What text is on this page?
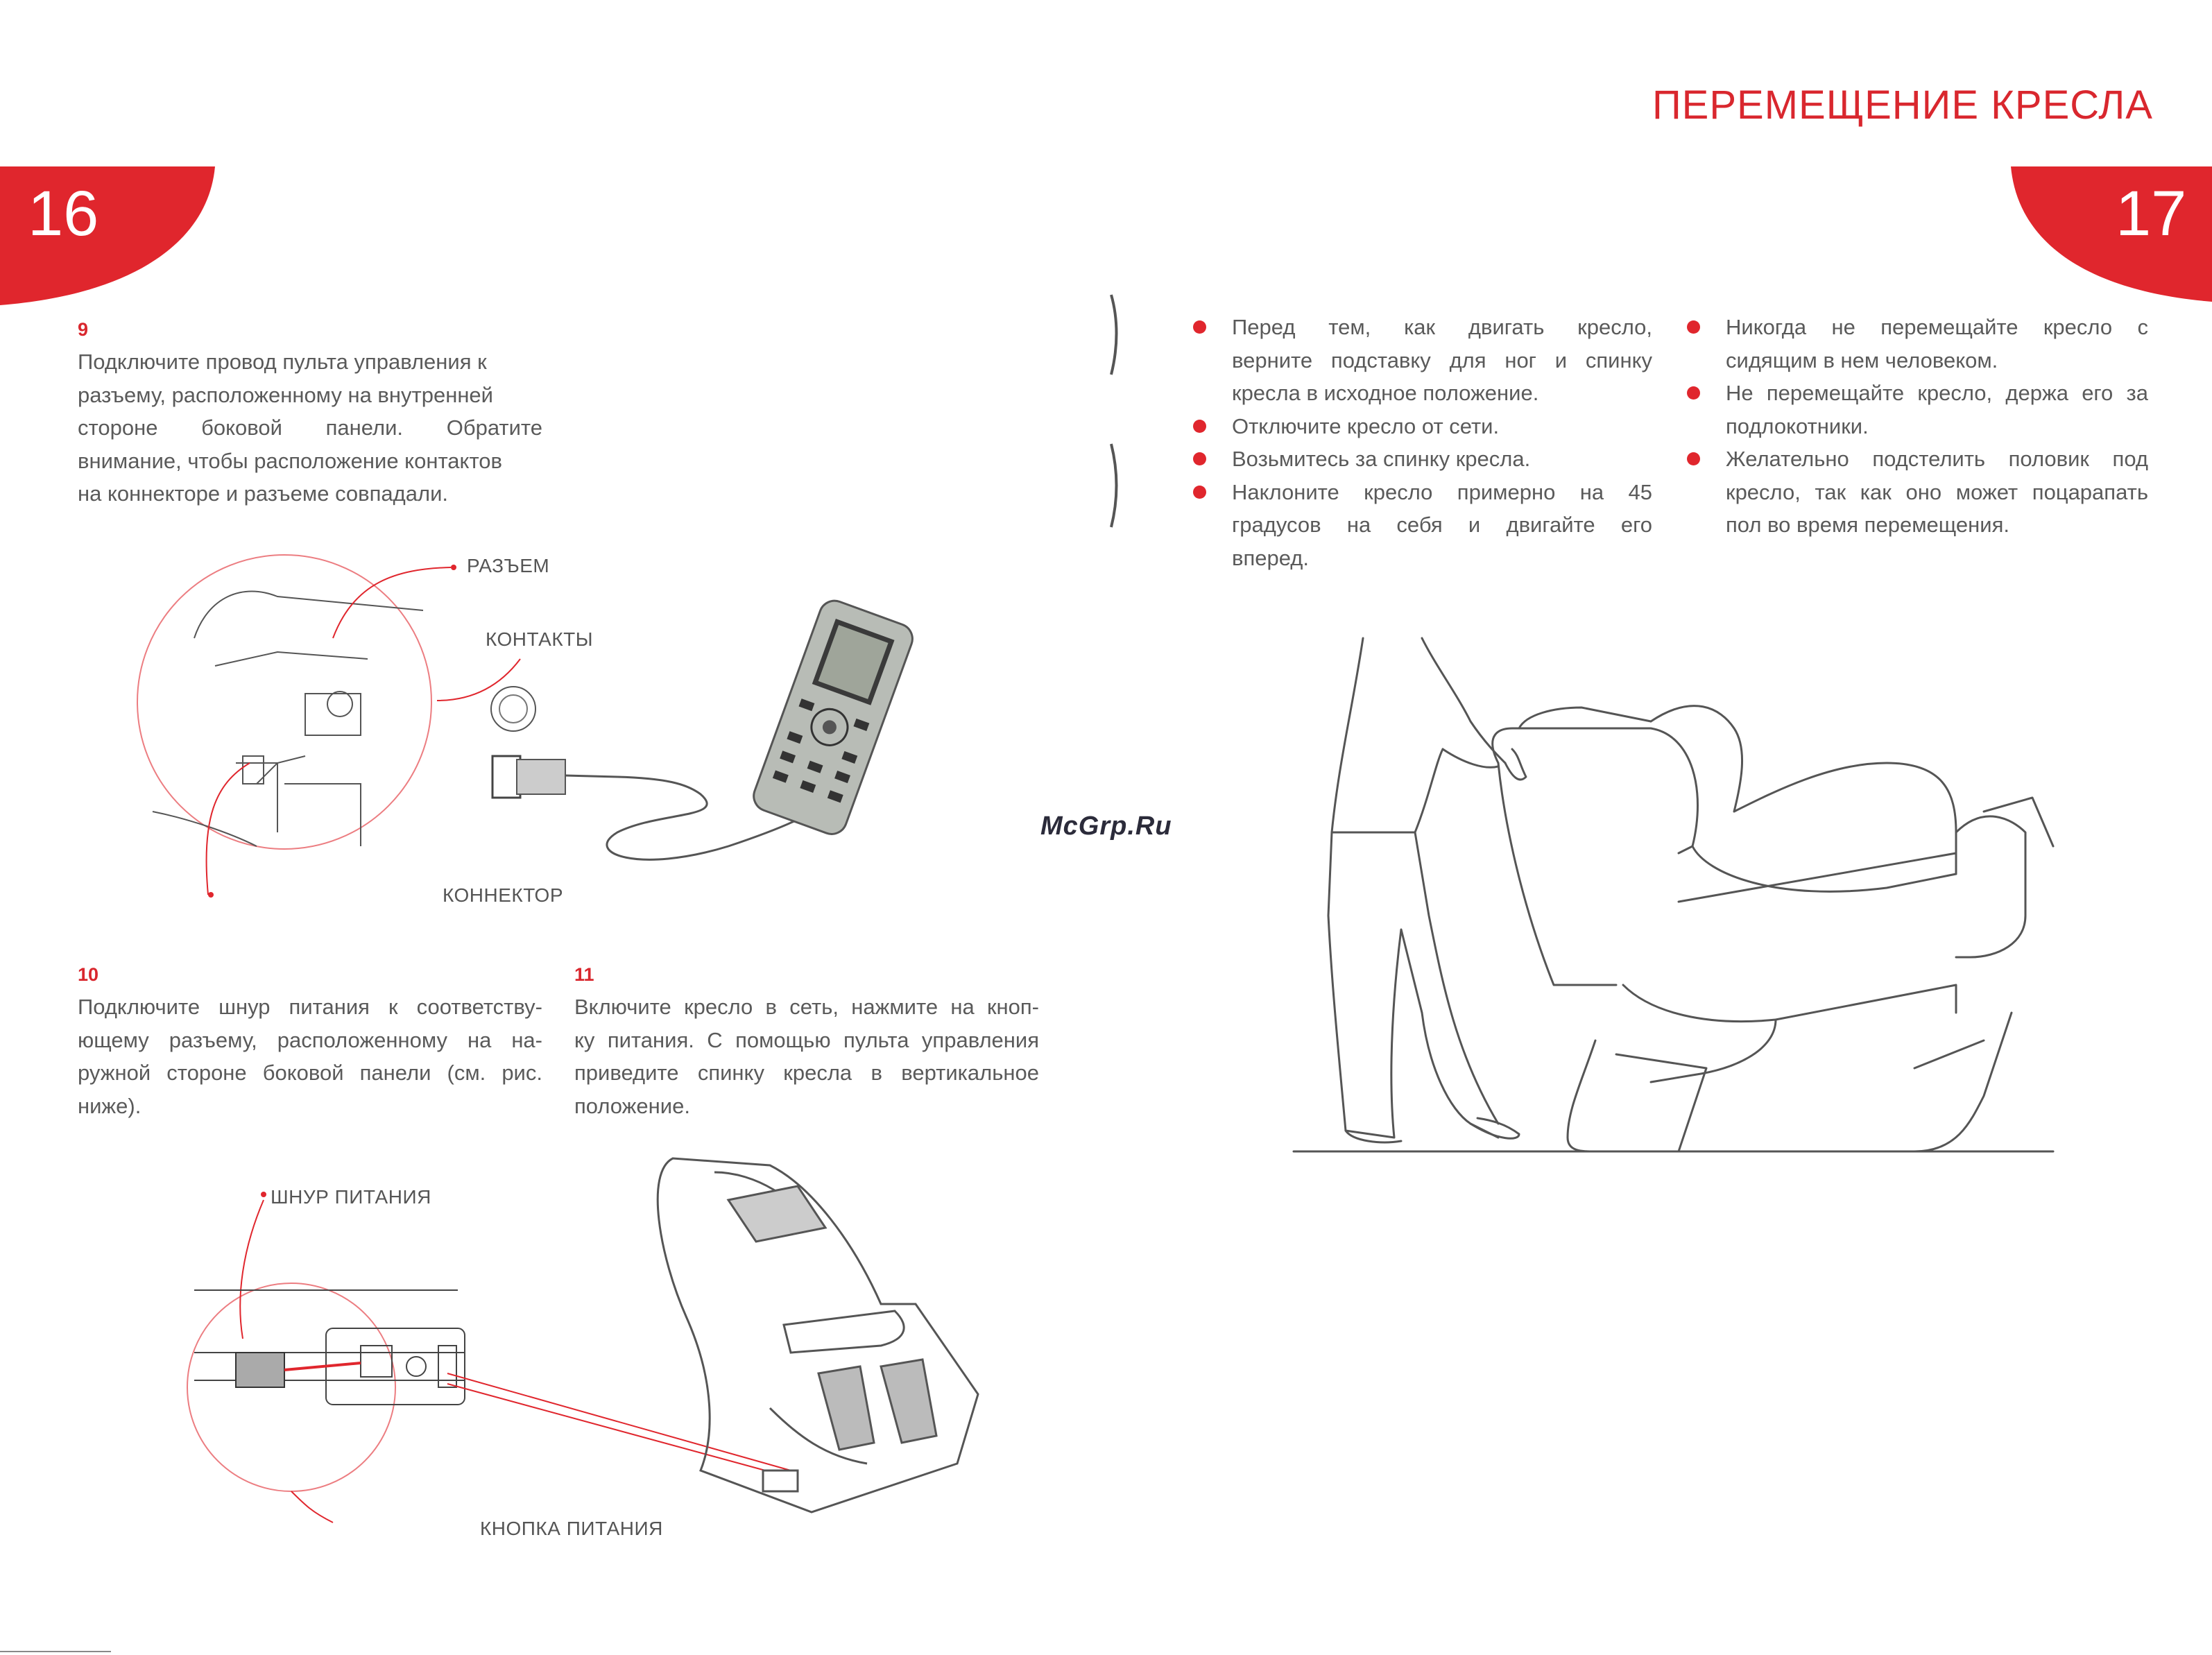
16	17
ПЕРЕМЕЩЕНИЕ КРЕСЛА
9
Подключите провод пульта управления к
разъему, расположенному на внутренней
стороне боковой панели. Обратите
внимание, чтобы расположение контактов
на коннекторе и разъеме совпадали.
РАЗЪЕМ
КОНТАКТЫ
КОННЕКТОР
10
Подключите шнур питания к соответству-
ющему разъему, расположенному на на-
ружной стороне боковой панели (см. рис.
ниже).
11
Включите кресло в сеть, нажмите на кноп-
ку питания. С помощью пульта управления
приведите спинку кресла в вертикальное
положение.
ШНУР ПИТАНИЯ
КНОПКА ПИТАНИЯ
McGrp.Ru
Перед тем, как двигать кресло,
верните подставку для ног и спинку
кресла в исходное положение.
Отключите кресло от сети.
Возьмитесь за спинку кресла.
Наклоните кресло примерно на 45
градусов на себя и двигайте его
вперед.
Никогда не перемещайте кресло с
сидящим в нем человеком.
Не перемещайте кресло, держа его за
подлокотники.
Желательно подстелить половик под
кресло, так как оно может поцарапать
пол во время перемещения.
